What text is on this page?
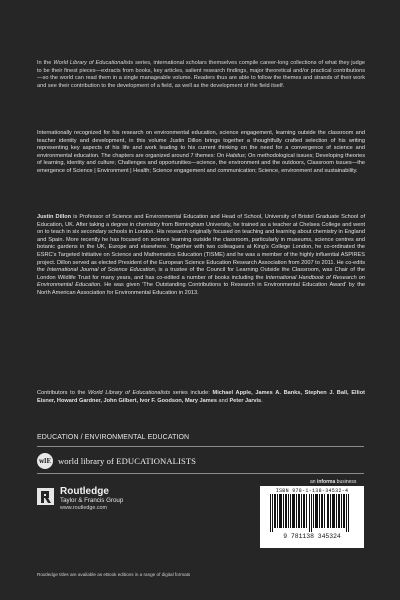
In the World Library of Educationalists series, international scholars themselves compile career-long collections of what they judge to be their finest pieces—extracts from books, key articles, salient research findings, major theoretical and/or practical contributions—so the world can read them in a single manageable volume. Readers thus are able to follow the themes and strands of their work and see their contribution to the development of a field, as well as the development of the field itself.

Internationally recognized for his research on environmental education, science engagement, learning outside the classroom and teacher identity and development, in this volume Justin Dillon brings together a thoughtfully crafted selection of his writing representing key aspects of his life and work leading to his current thinking on the need for a convergence of science and environmental education. The chapters are organized around 7 themes: On Habitus; On methodological issues; Developing theories of learning, identity and culture; Challenges and opportunities—science, the environment and the outdoors, Classroom issues—the emergence of Science | Environment | Health; Science engagement and communication; Science, environment and sustainability.

Justin Dillon is Professor of Science and Environmental Education and Head of School, University of Bristol Graduate School of Education, UK. After taking a degree in chemistry from Birmingham University, he trained as a teacher at Chelsea College and went on to teach in six secondary schools in London. His research originally focused on teaching and learning about chemistry in England and Spain. More recently he has focused on science learning outside the classroom, particularly in museums, science centres and botanic gardens in the UK, Europe and elsewhere. Together with two colleagues at King's College London, he co-ordinated the ESRC's Targeted Initiative on Science and Mathematics Education (TISME) and he was a member of the highly influential ASPIRES project. Dillon served as elected President of the European Science Education Research Association from 2007 to 2011. He co-edits the International Journal of Science Education, is a trustee of the Council for Learning Outside the Classroom, was Chair of the London Wildlife Trust for many years, and has co-edited a number of books including the International Handbook of Research on Environmental Education. He was given 'The Outstanding Contributions to Research in Environmental Education Award' by the North American Association for Environmental Education in 2013.

Contributors to the World Library of Educationalists series include: Michael Apple, James A. Banks, Stephen J. Ball, Elliot Eisner, Howard Gardner, John Gilbert, Ivor F. Goodson, Mary James and Peter Jarvis.

EDUCATION / ENVIRONMENTAL EDUCATION
wlE world library of EDUCATIONALISTS
an informa business
Routledge
Taylor & Francis Group
www.routledge.com
ISBN 978-1-138-34532-4
9 781138 345324
Routledge titles are available as eBook editions in a range of digital formats
